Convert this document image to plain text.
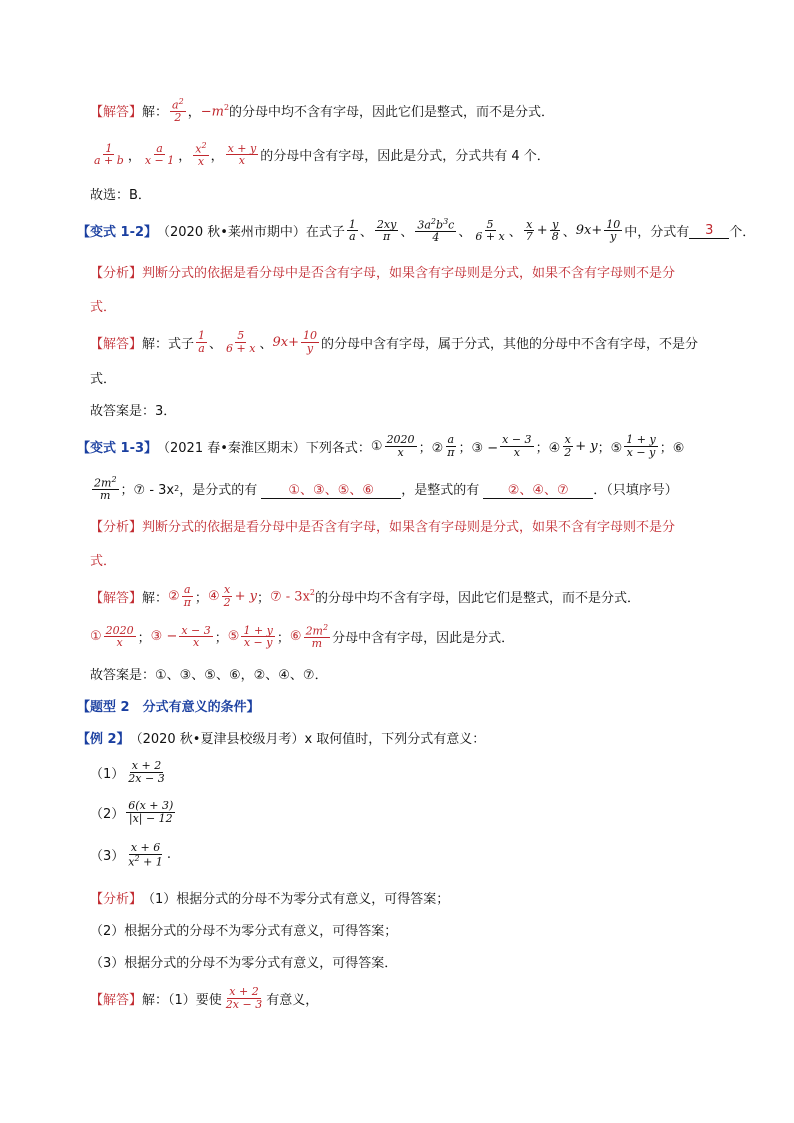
【解答】 解： $\frac{a^2}{2}$ ， $-m^2$ 的分母中均不含有字母，因此它们是整式，而不是分式．
$\frac{1}{a + b}$ ， $\frac{a}{x - 1}$ ， $\frac{x^2}{x}$ ， $\frac{x + y}{x}$ 的分母中含有字母，因此是分式，分式共有 4 个．
故选：B．
【变式 1-2】 （2020 秋•莱州市期中）在式子 $\frac{1}{a}$ 、 $\frac{2xy}{\pi}$ 、 $\frac{3a^2b^3c}{4}$ 、 $\frac{5}{6 + x}$ 、 $\frac{x}{7} + \frac{y}{8}$ 、 $9x + \frac{10}{y}$ 中，分式有	3	个．
【分析】 判断分式的依据是看分母中是否含有字母，如果含有字母则是分式，如果不含有字母则不是分
式．
【解答】 解：式子 $\frac{1}{a}$ 、 $\frac{5}{6 + x}$ 、 $9x + \frac{10}{y}$ 的分母中含有字母，属于分式，其他的分母中不含有字母，不是分
式．
故答案是：3．
【变式 1-3】 （2021 春•秦淮区期末）下列各式： ① $\frac{2020}{x}$ ；② $\frac{a}{\pi}$ ；③ − $\frac{x - 3}{x}$ ；④ $\frac{x}{2} + y$ ；⑤ $\frac{1 + y}{x - y}$ ；⑥
$\frac{2m^2}{m}$ ；⑦ - 3x 2 ，是分式的有	①、③、⑤、⑥	，是整式的有	②、④、⑦	．（只填序号）
【分析】 判断分式的依据是看分母中是否含有字母，如果含有字母则是分式，如果不含有字母则不是分
式．
【解答】 解： ② $\frac{a}{\pi}$ ； ④ $\frac{x}{2} + y$ ； ⑦ - $3x^2$ 的分母中均不含有字母，因此它们是整式，而不是分式．
① $\frac{2020}{x}$ ； ③ − $\frac{x - 3}{x}$ ； ⑤ $\frac{1 + y}{x - y}$ ； ⑥ $\frac{2m^2}{m}$ 分母中含有字母，因此是分式．
故答案是：①、③、⑤、⑥，②、④、⑦．
【题型 2　分式有意义的条件】
【例 2】 （2020 秋•夏津县校级月考）x 取何值时，下列分式有意义：
$(1) \frac{x + 2}{2x - 3}$
$(2) \frac{6(x + 3)}{|x| - 12}$
$(3) \frac{x + 6}{x^2 + 1}$ .
【分析】 （1）根据分式的分母不为零分式有意义，可得答案；
（2）根据分式的分母不为零分式有意义，可得答案；
（3）根据分式的分母不为零分式有意义，可得答案．
【解答】 解：（1）要使 $\frac{x + 2}{2x - 3}$ 有意义，
